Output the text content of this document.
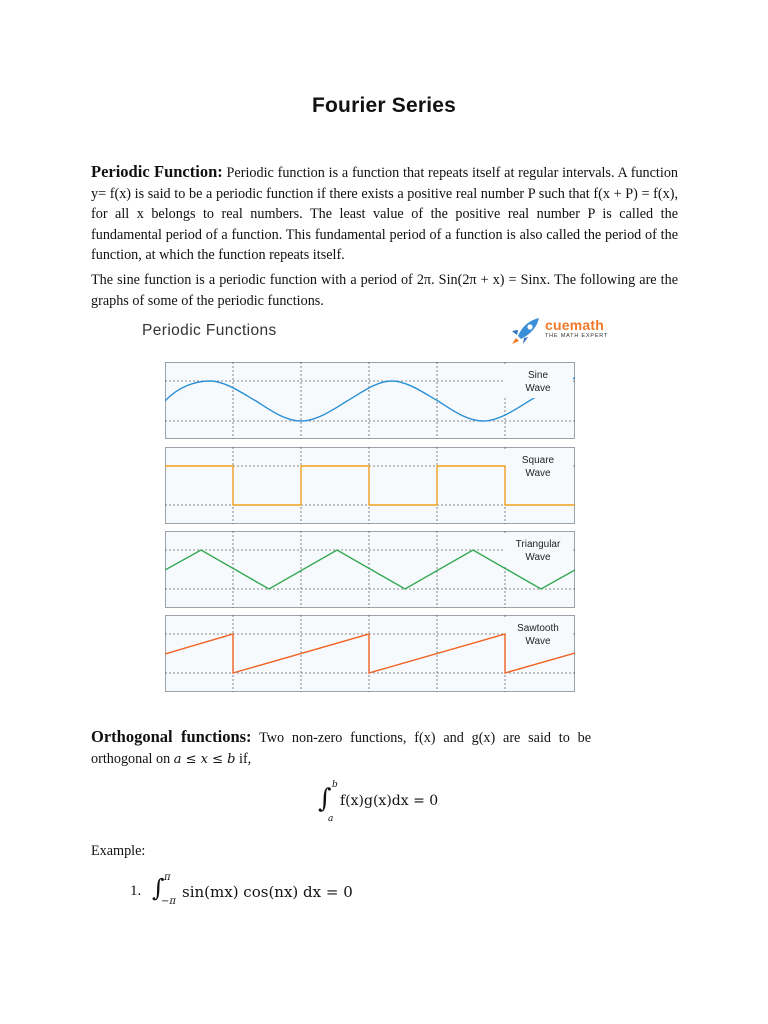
Fourier Series
Periodic Function: Periodic function is a function that repeats itself at regular intervals. A function y= f(x) is said to be a periodic function if there exists a positive real number P such that f(x + P) = f(x), for all x belongs to real numbers. The least value of the positive real number P is called the fundamental period of a function. This fundamental period of a function is also called the period of the function, at which the function repeats itself.
The sine function is a periodic function with a period of 2π. Sin(2π + x) = Sinx. The following are the graphs of some of the periodic functions.
Periodic Functions	cuemath
THE MATH EXPERT
Sine
Wave
Square
Wave
Triangular
Wave
Sawtooth
Wave
Orthogonal functions: Two non-zero functions, f(x) and g(x) are said to be orthogonal on a ≤ x ≤ b if,
∫ b
a
f(x)g(x)dx = 0
Example:
1. ∫ π
−π
sin(mx) cos(nx) dx = 0
